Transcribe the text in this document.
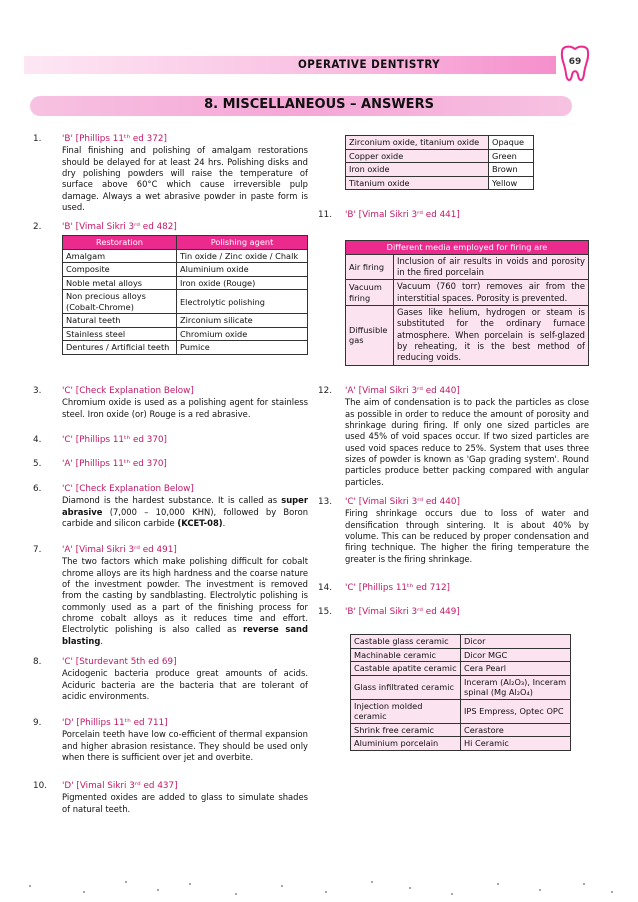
OPERATIVE DENTISTRY	69
8. MISCELLANEOUS – ANSWERS
1. 'B' [Phillips 11ᵗʰ ed 372]
Final finishing and polishing of amalgam restorations should be delayed for at least 24 hrs. Polishing disks and dry polishing powders will raise the temperature of surface above 60°C which cause irreversible pulp damage. Always a wet abrasive powder in paste form is used.
2. 'B' [Vimal Sikri 3ʳᵈ ed 482]
Restoration	Polishing agent
Amalgam	Tin oxide / Zinc oxide / Chalk
Composite	Aluminium oxide
Noble metal alloys	Iron oxide (Rouge)
Non precious alloys (Cobalt-Chrome)	Electrolytic polishing
Natural teeth	Zirconium silicate
Stainless steel	Chromium oxide
Dentures / Artificial teeth	Pumice
3. 'C' [Check Explanation Below]
Chromium oxide is used as a polishing agent for stainless steel. Iron oxide (or) Rouge is a red abrasive.
4. 'C' [Phillips 11ᵗʰ ed 370]
5. 'A' [Phillips 11ᵗʰ ed 370]
6. 'C' [Check Explanation Below]
Diamond is the hardest substance. It is called as super abrasive (7,000 – 10,000 KHN), followed by Boron carbide and silicon carbide (KCET-08).
7. 'A' [Vimal Sikri 3ʳᵈ ed 491]
The two factors which make polishing difficult for cobalt chrome alloys are its high hardness and the coarse nature of the investment powder. The investment is removed from the casting by sandblasting. Electrolytic polishing is commonly used as a part of the finishing process for chrome cobalt alloys as it reduces time and effort. Electrolytic polishing is also called as reverse sand blasting.
8. 'C' [Sturdevant 5th ed 69]
Acidogenic bacteria produce great amounts of acids. Aciduric bacteria are the bacteria that are tolerant of acidic environments.
9. 'D' [Phillips 11ᵗʰ ed 711]
Porcelain teeth have low co-efficient of thermal expansion and higher abrasion resistance. They should be used only when there is sufficient over jet and overbite.
10. 'D' [Vimal Sikri 3ʳᵈ ed 437]
Pigmented oxides are added to glass to simulate shades of natural teeth.
Zirconium oxide, titanium oxide	Opaque
Copper oxide	Green
Iron oxide	Brown
Titanium oxide	Yellow
11. 'B' [Vimal Sikri 3ʳᵈ ed 441]
Different media employed for firing are	
Air firing	Inclusion of air results in voids and porosity in the fired porcelain
Vacuum firing	Vacuum (760 torr) removes air from the interstitial spaces. Porosity is prevented.
Diffusible gas	Gases like helium, hydrogen or steam is substituted for the ordinary furnace atmosphere. When porcelain is self-glazed by reheating, it is the best method of reducing voids.
12. 'A' [Vimal Sikri 3ʳᵈ ed 440]
The aim of condensation is to pack the particles as close as possible in order to reduce the amount of porosity and shrinkage during firing. If only one sized particles are used 45% of void spaces occur. If two sized particles are used void spaces reduce to 25%. System that uses three sizes of powder is known as 'Gap grading system'. Round particles produce better packing compared with angular particles.
13. 'C' [Vimal Sikri 3ʳᵈ ed 440]
Firing shrinkage occurs due to loss of water and densification through sintering. It is about 40% by volume. This can be reduced by proper condensation and firing technique. The higher the firing temperature the greater is the firing shrinkage.
14. 'C' [Phillips 11ᵗʰ ed 712]
15. 'B' [Vimal Sikri 3ʳᵈ ed 449]
Castable glass ceramic	Dicor
Machinable ceramic	Dicor MGC
Castable apatite ceramic	Cera Pearl
Glass infiltrated ceramic	Inceram (Al₂O₃), Inceram spinal (Mg Al₂O₄)
Injection molded ceramic	IPS Empress, Optec OPC
Shrink free ceramic	Cerastore
Aluminium porcelain	Hi Ceramic
